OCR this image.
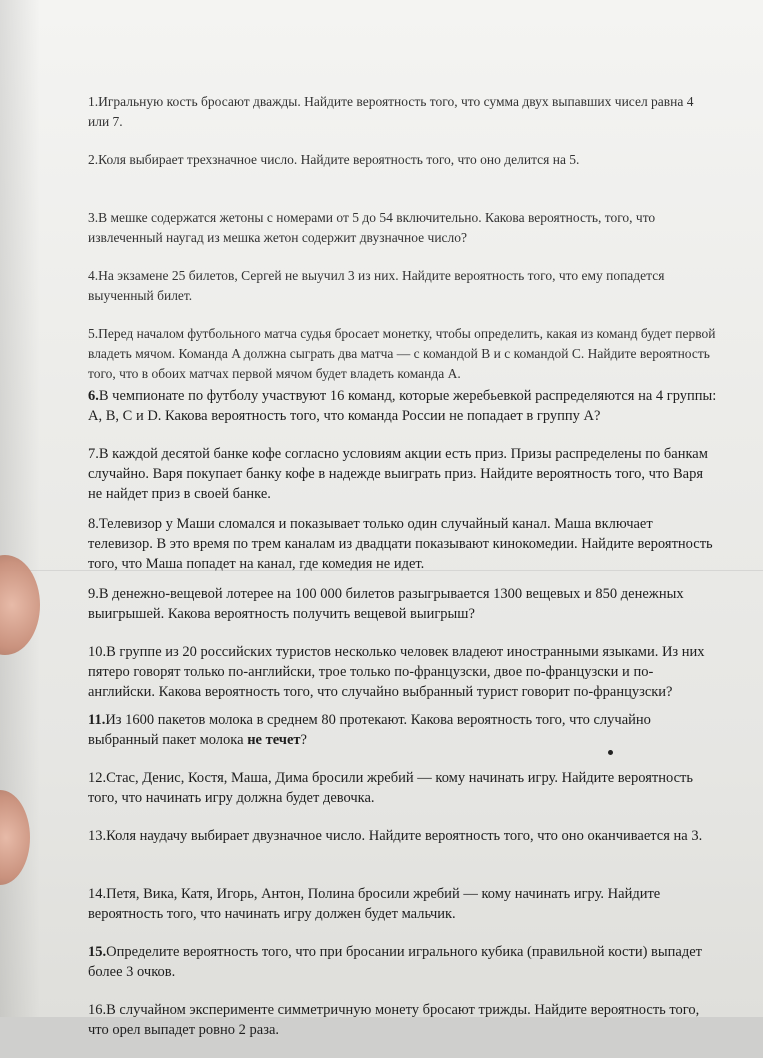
1.Игральную кость бросают дважды. Найдите вероятность того, что сумма двух выпавших чисел равна 4 или 7.

2.Коля выбирает трехзначное число. Найдите вероятность того, что оно делится на 5.

3.В мешке содержатся жетоны с номерами от 5 до 54 включительно. Какова вероятность, того, что извлеченный наугад из мешка жетон содержит двузначное число?

4.На экзамене 25 билетов, Сергей не выучил 3 из них. Найдите вероятность того, что ему попадется выученный билет.

5.Перед началом футбольного матча судья бросает монетку, чтобы определить, какая из команд будет первой владеть мячом. Команда A должна сыграть два матча — с командой B и с командой C. Найдите вероятность того, что в обоих матчах первой мячом будет владеть команда A.

6.В чемпионате по футболу участвуют 16 команд, которые жеребьевкой распределяются на 4 группы: A, B, C и D. Какова вероятность того, что команда России не попадает в группу A?

7.В каждой десятой банке кофе согласно условиям акции есть приз. Призы распределены по банкам случайно. Варя покупает банку кофе в надежде выиграть приз. Найдите вероятность того, что Варя не найдет приз в своей банке.

8.Телевизор у Маши сломался и показывает только один случайный канал. Маша включает телевизор. В это время по трем каналам из двадцати показывают кинокомедии. Найдите вероятность того, что Маша попадет на канал, где комедия не идет.

9.В денежно-вещевой лотерее на 100 000 билетов разыгрывается 1300 вещевых и 850 денежных выигрышей. Какова вероятность получить вещевой выигрыш?

10.В группе из 20 российских туристов несколько человек владеют иностранными языками. Из них пятеро говорят только по-английски, трое только по-французски, двое по-французски и по-английски. Какова вероятность того, что случайно выбранный турист говорит по-французски?

11.Из 1600 пакетов молока в среднем 80 протекают. Какова вероятность того, что случайно выбранный пакет молока не течет?

12.Стас, Денис, Костя, Маша, Дима бросили жребий — кому начинать игру. Найдите вероятность того, что начинать игру должна будет девочка.

13.Коля наудачу выбирает двузначное число. Найдите вероятность того, что оно оканчивается на 3.

14.Петя, Вика, Катя, Игорь, Антон, Полина бросили жребий — кому начинать игру. Найдите вероятность того, что начинать игру должен будет мальчик.

15.Определите вероятность того, что при бросании игрального кубика (правильной кости) выпадет более 3 очков.

16.В случайном эксперименте симметричную монету бросают трижды. Найдите вероятность того, что орел выпадет ровно 2 раза.
